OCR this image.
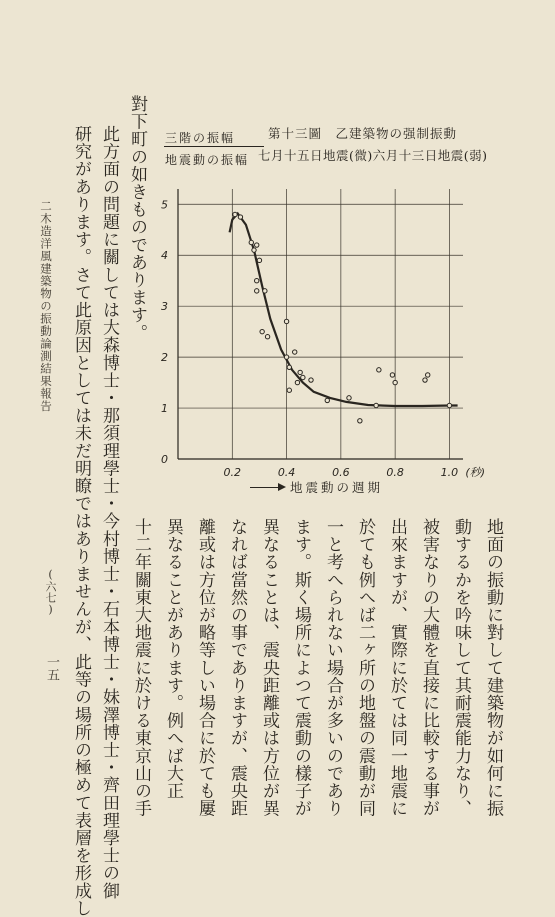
二木造洋風建築物の振動論測結果報告
(六七)
一五
對下町の如きものであります。
此方面の問題に關しては大森博士・那須理學士・今村博士・石本博士・妹澤博士・齊田理學士の御
研究があります。さて此原因としては未だ明瞭ではありませんが、此等の場所の極めて表層を形成し	第十三圖　乙建築物の强制振動
七月十五日地震(微)六月十三日地震(弱)
三階の振幅
地震動の振幅
0
1
2
3
4
5
0.2	0.4	0.6	0.8	1.0 (秒)
地震動の週期
地面の振動に對して建築物が如何に振
動するかを吟味して其耐震能力なり、
被害なりの大體を直接に比較する事が
出來ますが、實際に於ては同一地震に
於ても例へば二ヶ所の地盤の震動が同
一と考へられない場合が多いのであり
ます。斯く場所によつて震動の樣子が
異なることは、震央距離或は方位が異
なれば當然の事でありますが、震央距
離或は方位が略等しい場合に於ても屢
異なることがあります。例へば大正
十二年關東大地震に於ける東京山の手
